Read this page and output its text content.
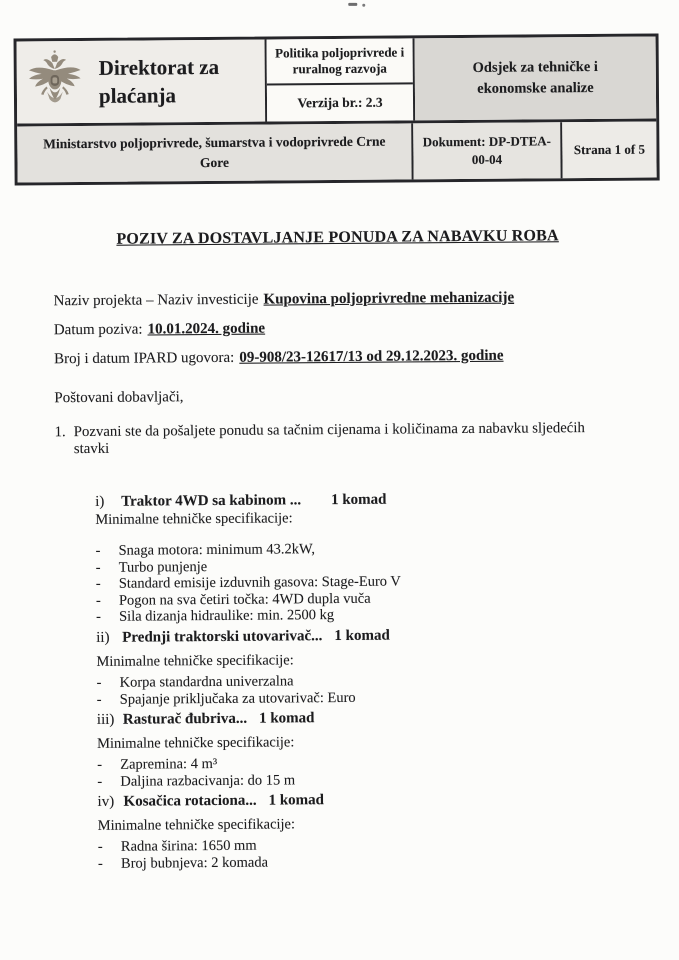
Direktorat za
plaćanja
Politika poljoprivrede i
ruralnog razvoja
Verzija br.: 2.3
Odsjek za tehničke i
ekonomske analize
Ministarstvo poljoprivrede, šumarstva i vodoprivrede Crne
Gore
Dokument: DP-DTEA-
00-04
Strana 1 of 5
POZIV ZA DOSTAVLJANJE PONUDA ZA NABAVKU ROBA
Naziv projekta – Naziv investicije Kupovina poljoprivredne mehanizacije
Datum poziva: 10.01.2024. godine
Broj i datum IPARD ugovora: 09-908/23-12617/13 od 29.12.2023. godine
Poštovani dobavljači,
1. Pozvani ste da pošaljete ponudu sa tačnim cijenama i količinama za nabavku sljedećih stavki
i)	Traktor 4WD sa kabinom ... 1 komad
Minimalne tehničke specifikacije:
- Snaga motora: minimum 43.2kW,
- Turbo punjenje
- Standard emisije izduvnih gasova: Stage-Euro V
- Pogon na sva četiri točka: 4WD dupla vuča
- Sila dizanja hidraulike: min. 2500 kg
ii) Prednji traktorski utovarivač... 1 komad
Minimalne tehničke specifikacije:
- Korpa standardna univerzalna
- Spajanje priključaka za utovarivač: Euro
iii) Rasturač đubriva... 1 komad
Minimalne tehničke specifikacije:
- Zapremina: 4 m³
- Daljina razbacivanja: do 15 m
iv) Kosačica rotaciona... 1 komad
Minimalne tehničke specifikacije:
- Radna širina: 1650 mm
- Broj bubnjeva: 2 komada
